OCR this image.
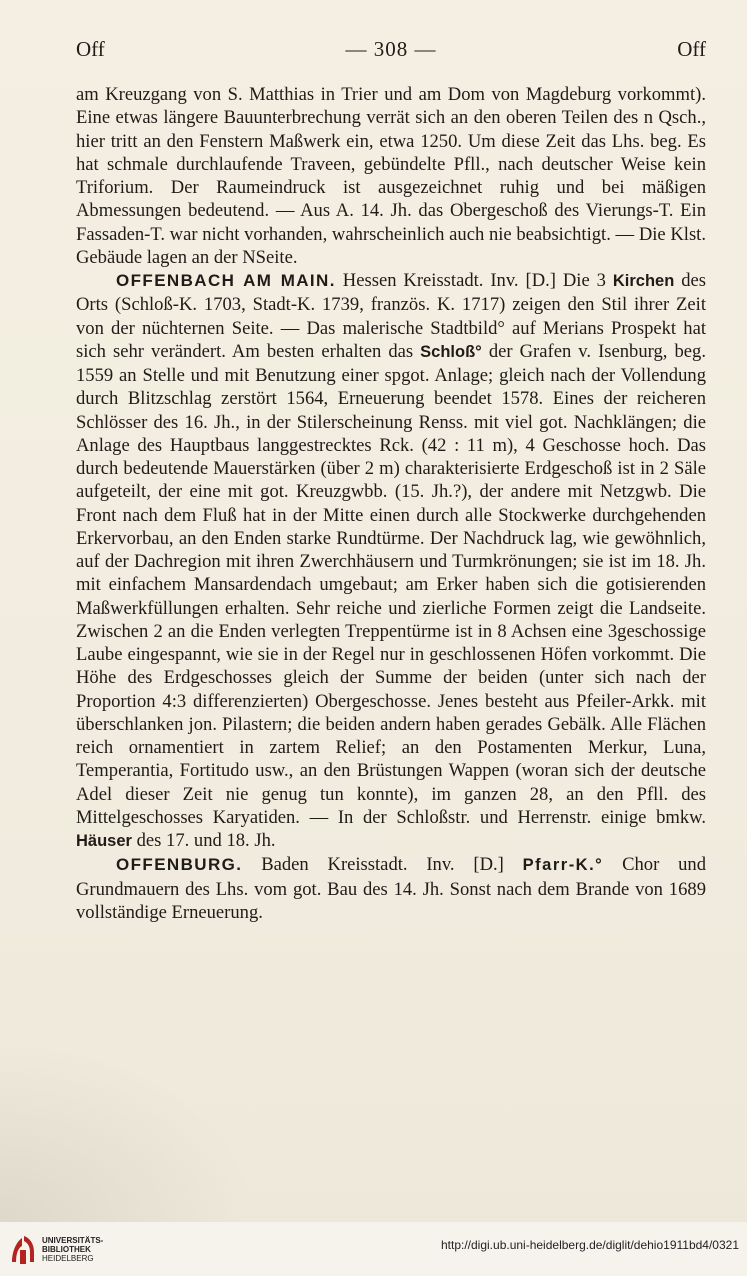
Off	— 308 —	Off

am Kreuzgang von S. Matthias in Trier und am Dom von Magdeburg vorkommt). Eine etwas längere Bauunterbrechung verrät sich an den oberen Teilen des n Qsch., hier tritt an den Fenstern Maßwerk ein, etwa 1250. Um diese Zeit das Lhs. beg. Es hat schmale durchlaufende Traveen, gebündelte Pfll., nach deutscher Weise kein Triforium. Der Raumeindruck ist ausgezeichnet ruhig und bei mäßigen Abmessungen bedeutend. — Aus A. 14. Jh. das Obergeschoß des Vierungs-T. Ein Fassaden-T. war nicht vorhanden, wahrscheinlich auch nie beabsichtigt. — Die Klst. Gebäude lagen an der NSeite.

OFFENBACH AM MAIN. Hessen Kreisstadt. Inv. [D.] Die 3 Kirchen des Orts (Schloß-K. 1703, Stadt-K. 1739, französ. K. 1717) zeigen den Stil ihrer Zeit von der nüchternen Seite. — Das malerische Stadtbild° auf Merians Prospekt hat sich sehr verändert. Am besten erhalten das Schloß° der Grafen v. Isenburg, beg. 1559 an Stelle und mit Benutzung einer spgot. Anlage; gleich nach der Vollendung durch Blitzschlag zerstört 1564, Erneuerung beendet 1578. Eines der reicheren Schlösser des 16. Jh., in der Stilerscheinung Renss. mit viel got. Nachklängen; die Anlage des Hauptbaus langgestrecktes Rck. (42 : 11 m), 4 Geschosse hoch. Das durch bedeutende Mauerstärken (über 2 m) charakterisierte Erdgeschoß ist in 2 Säle aufgeteilt, der eine mit got. Kreuzgwbb. (15. Jh.?), der andere mit Netzgwb. Die Front nach dem Fluß hat in der Mitte einen durch alle Stockwerke durchgehenden Erkervorbau, an den Enden starke Rundtürme. Der Nachdruck lag, wie gewöhnlich, auf der Dachregion mit ihren Zwerchhäusern und Turmkrönungen; sie ist im 18. Jh. mit einfachem Mansardendach umgebaut; am Erker haben sich die gotisierenden Maßwerkfüllungen erhalten. Sehr reiche und zierliche Formen zeigt die Landseite. Zwischen 2 an die Enden verlegten Treppentürme ist in 8 Achsen eine 3geschossige Laube eingespannt, wie sie in der Regel nur in geschlossenen Höfen vorkommt. Die Höhe des Erdgeschosses gleich der Summe der beiden (unter sich nach der Proportion 4:3 differenzierten) Obergeschosse. Jenes besteht aus Pfeiler-Arkk. mit überschlanken jon. Pilastern; die beiden andern haben gerades Gebälk. Alle Flächen reich ornamentiert in zartem Relief; an den Postamenten Merkur, Luna, Temperantia, Fortitudo usw., an den Brüstungen Wappen (woran sich der deutsche Adel dieser Zeit nie genug tun konnte), im ganzen 28, an den Pfll. des Mittelgeschosses Karyatiden. — In der Schloßstr. und Herrenstr. einige bmkw. Häuser des 17. und 18. Jh.

OFFENBURG. Baden Kreisstadt. Inv. [D.] Pfarr-K.° Chor und Grundmauern des Lhs. vom got. Bau des 14. Jh. Sonst nach dem Brande von 1689 vollständige Erneuerung.

UNIVERSITÄTS-
BIBLIOTHEK
HEIDELBERG
http://digi.ub.uni-heidelberg.de/diglit/dehio1911bd4/0321
